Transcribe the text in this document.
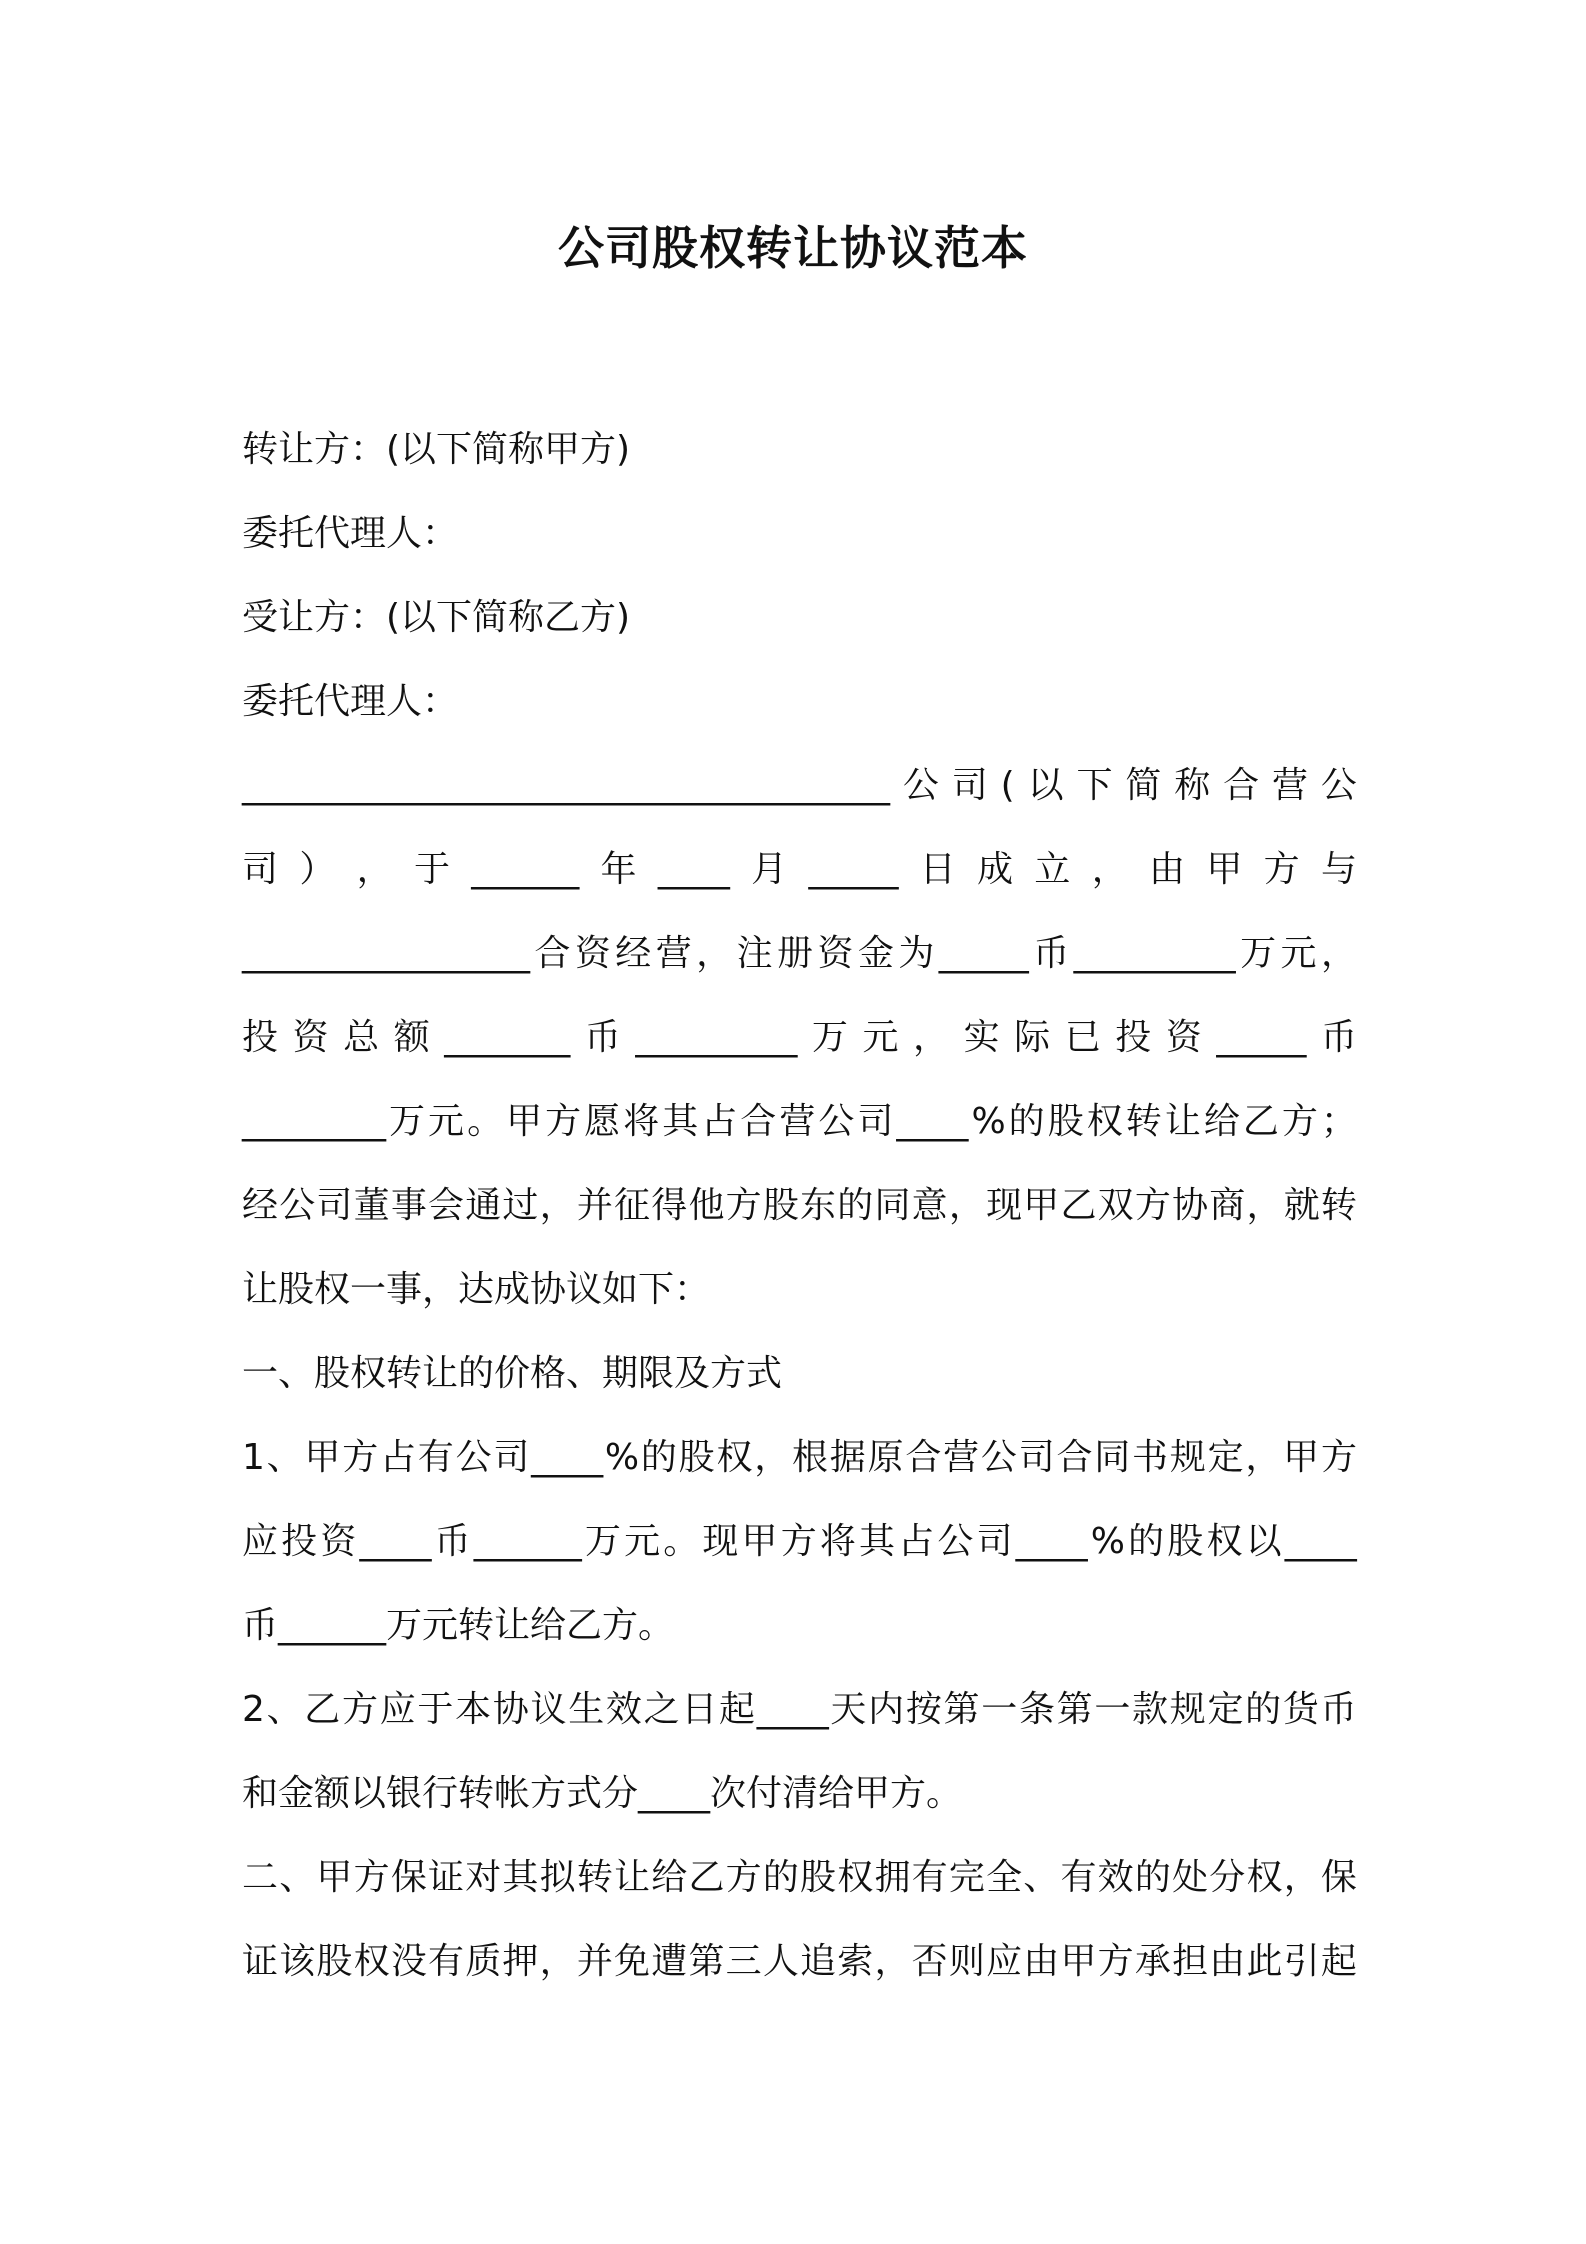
公司股权转让协议范本
转让方：(以下简称甲方)
委托代理人：
受让方：(以下简称乙方)
委托代理人：
____________________________________ 公 司 ( 以 下 简 称 合 营 公
司 ） ， 于 ______ 年 ____ 月 _____ 日 成 立 ， 由 甲 方 与
________________ 合 资 经 营 ， 注 册 资 金 为 _____ 币 _________ 万 元 ，
投 资 总 额 _______ 币 _________ 万 元 ， 实 际 已 投 资 _____ 币
________ 万 元 。 甲 方 愿 将 其 占 合 营 公 司 ____ % 的 股 权 转 让 给 乙 方 ；
经 公 司 董 事 会 通 过 ， 并 征 得 他 方 股 东 的 同 意 ， 现 甲 乙 双 方 协 商 ， 就 转
让股权一事，达成协议如下：
一、股权转让的价格、期限及方式
1 、 甲 方 占 有 公 司 ____ % 的 股 权 ， 根 据 原 合 营 公 司 合 同 书 规 定 ， 甲 方
应 投 资 ____ 币 ______ 万 元 。 现 甲 方 将 其 占 公 司 ____ % 的 股 权 以 ____
币______万元转让给乙方。
2 、 乙 方 应 于 本 协 议 生 效 之 日 起 ____ 天 内 按 第 一 条 第 一 款 规 定 的 货 币
和金额以银行转帐方式分____次付清给甲方。
二 、 甲 方 保 证 对 其 拟 转 让 给 乙 方 的 股 权 拥 有 完 全 、 有 效 的 处 分 权 ， 保
证 该 股 权 没 有 质 押 ， 并 免 遭 第 三 人 追 索 ， 否 则 应 由 甲 方 承 担 由 此 引 起
